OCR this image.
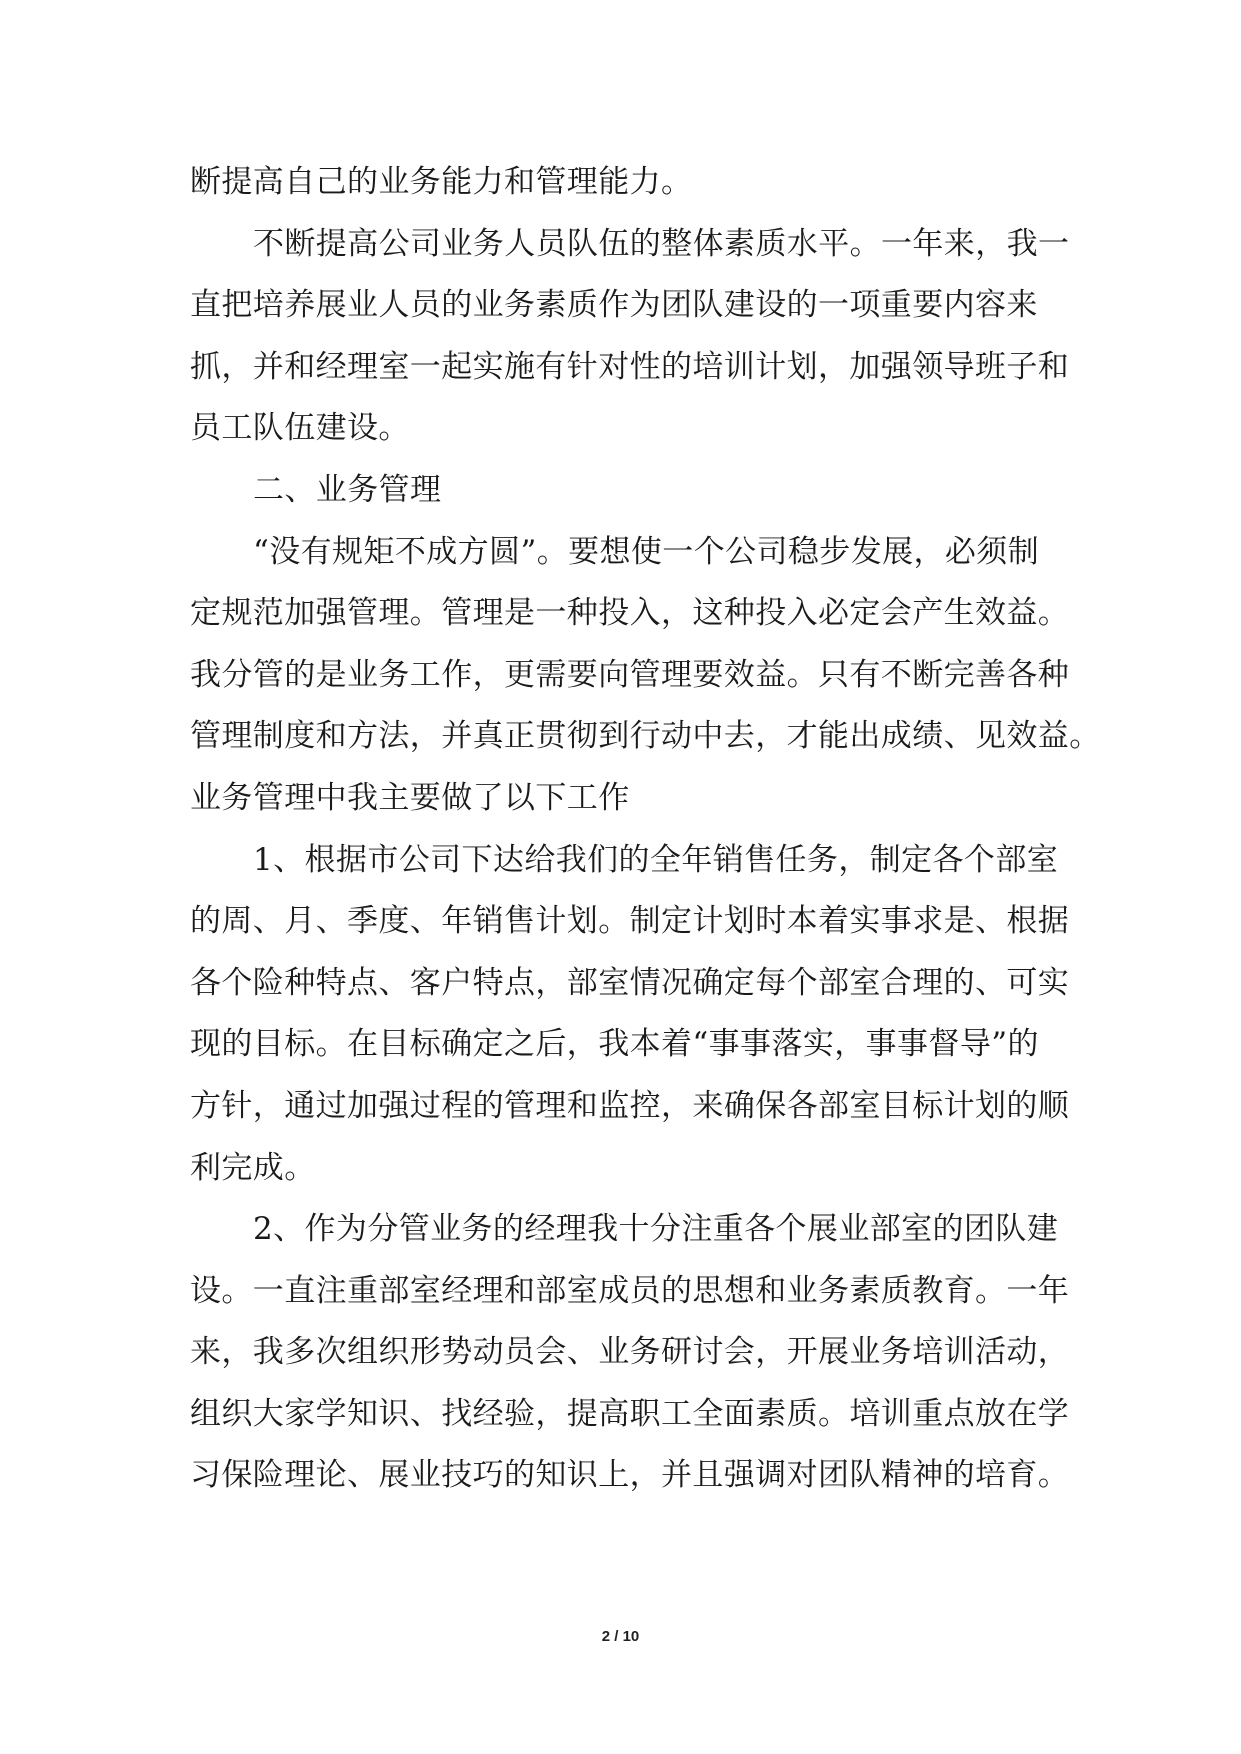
断提高自己的业务能力和管理能力。
不断提高公司业务人员队伍的整体素质水平。一年来，我一
直把培养展业人员的业务素质作为团队建设的一项重要内容来
抓，并和经理室一起实施有针对性的培训计划，加强领导班子和
员工队伍建设。
二、业务管理
“没有规矩不成方圆”。要想使一个公司稳步发展，必须制
定规范加强管理。管理是一种投入，这种投入必定会产生效益。
我分管的是业务工作，更需要向管理要效益。只有不断完善各种
管理制度和方法，并真正贯彻到行动中去，才能出成绩、见效益。
业务管理中我主要做了以下工作
1、根据市公司下达给我们的全年销售任务，制定各个部室
的周、月、季度、年销售计划。制定计划时本着实事求是、根据
各个险种特点、客户特点，部室情况确定每个部室合理的、可实
现的目标。在目标确定之后，我本着“事事落实，事事督导”的
方针，通过加强过程的管理和监控，来确保各部室目标计划的顺
利完成。
2、作为分管业务的经理我十分注重各个展业部室的团队建
设。一直注重部室经理和部室成员的思想和业务素质教育。一年
来，我多次组织形势动员会、业务研讨会，开展业务培训活动，
组织大家学知识、找经验，提高职工全面素质。培训重点放在学
习保险理论、展业技巧的知识上，并且强调对团队精神的培育。
2 / 10
